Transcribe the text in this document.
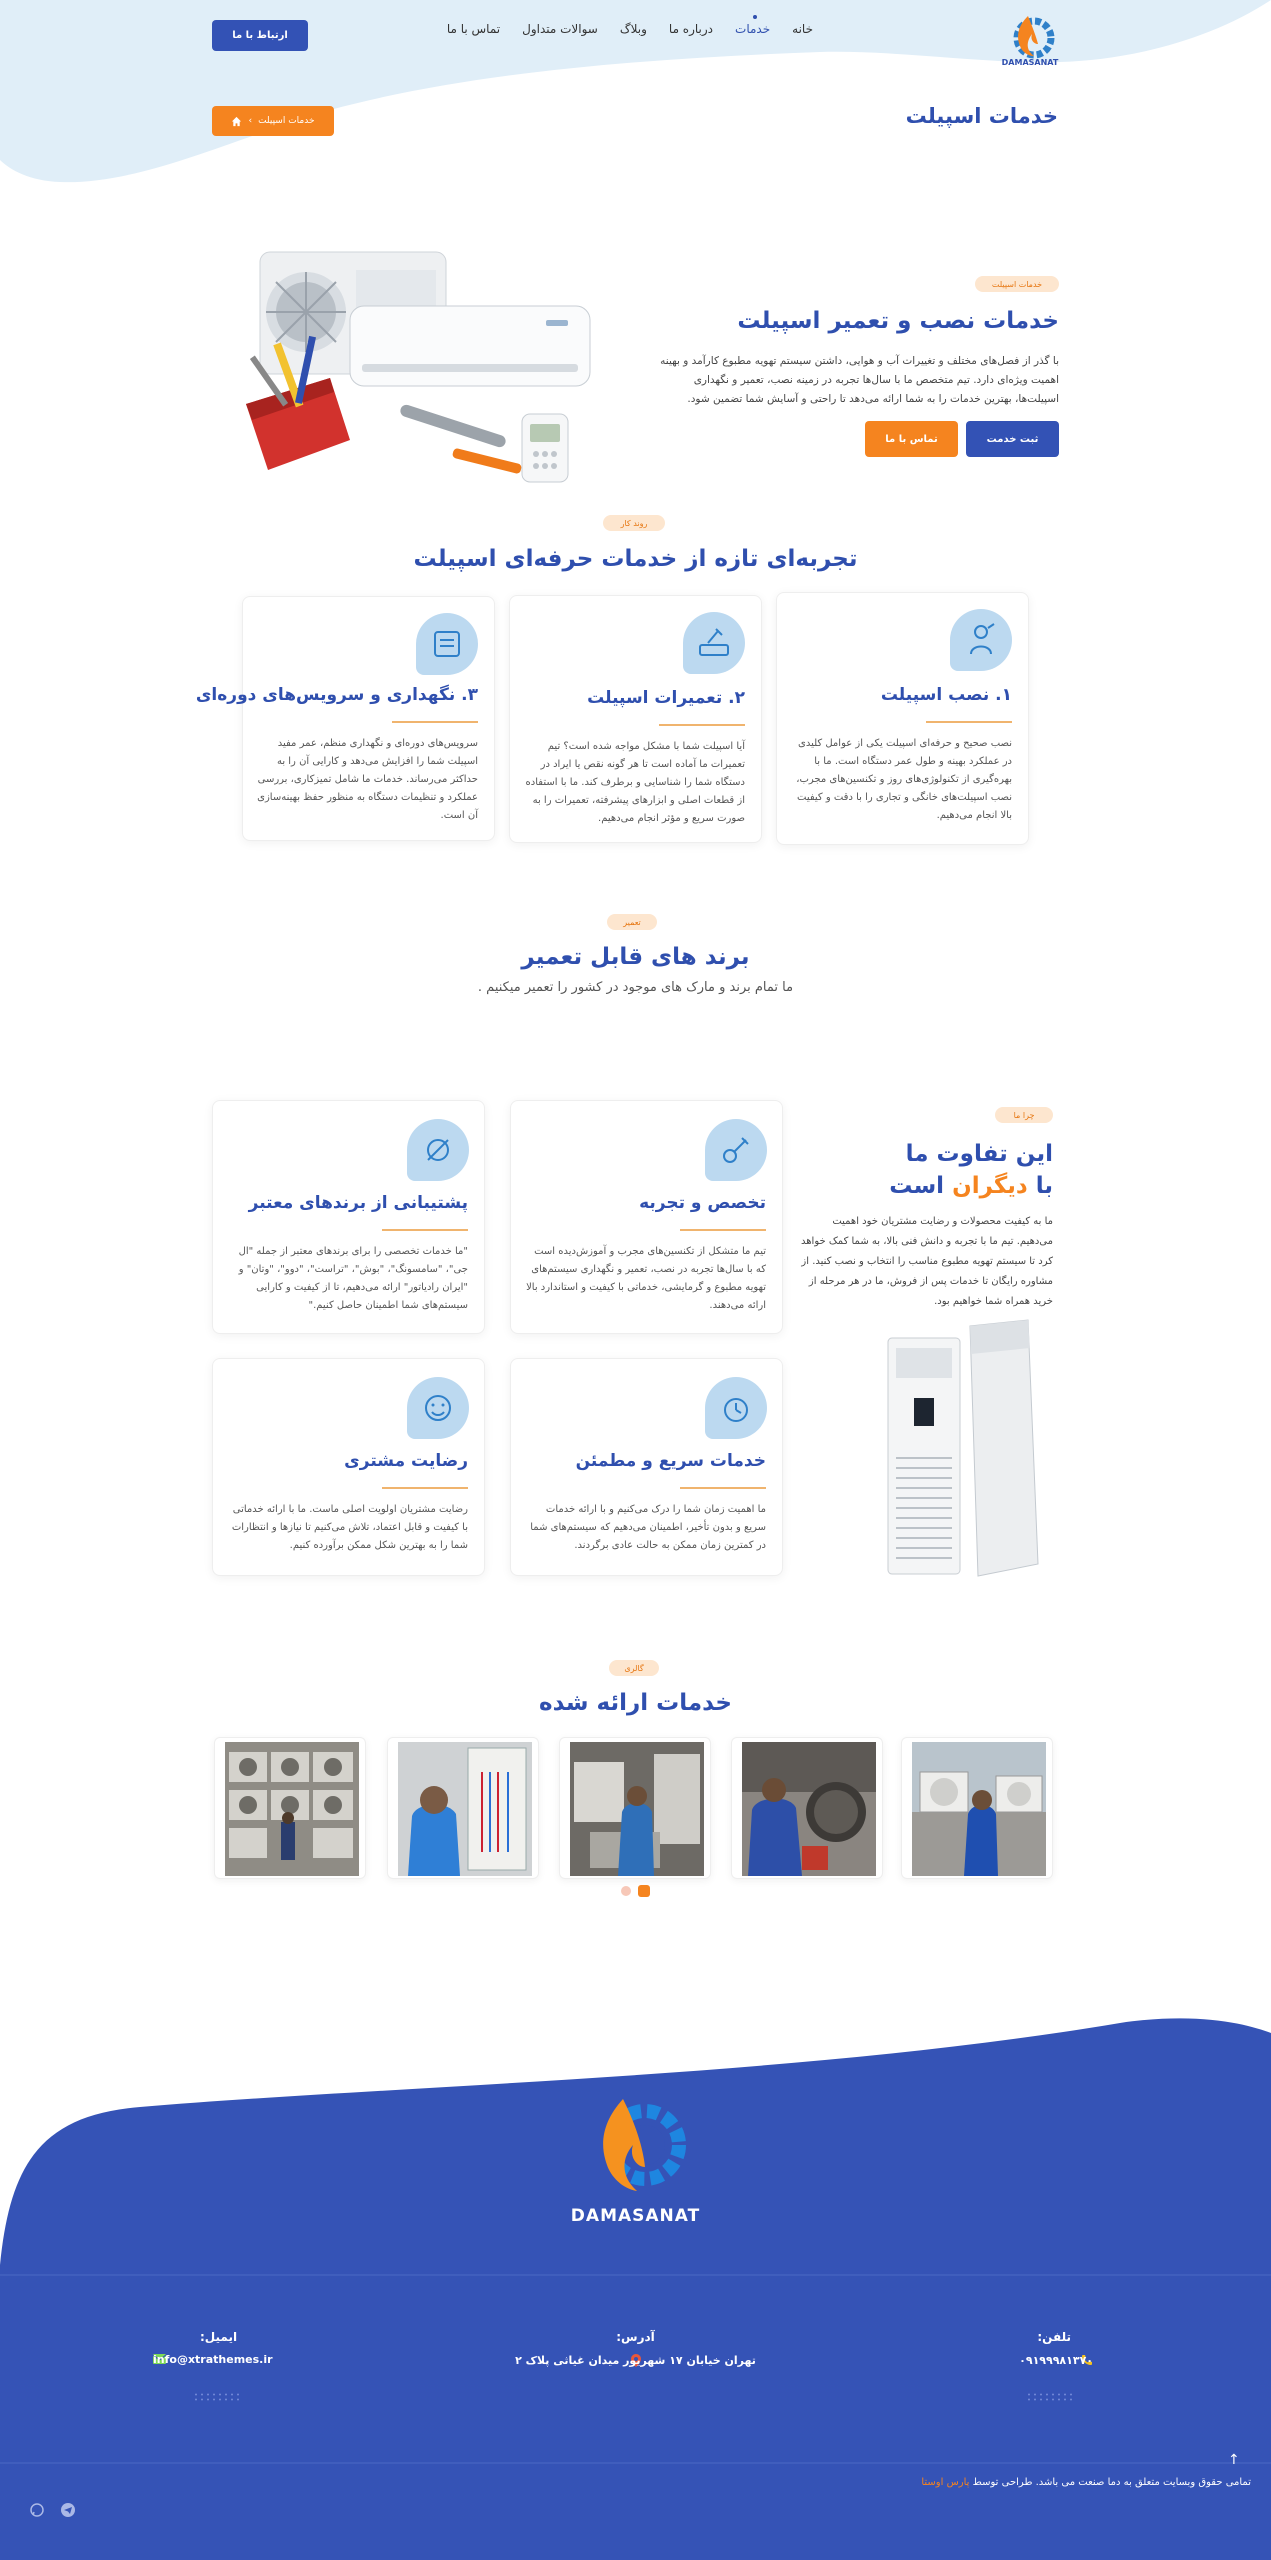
DAMASANAT
خانه
خدمات
درباره ما
وبلاگ
سوالات متداول
تماس با ما
ارتباط با ما
خدمات اسپیلت
خدمات اسپیلت
›
خدمات اسپیلت
خدمات نصب و تعمیر اسپیلت
با گذر از فصل‌های مختلف و تغییرات آب و هوایی، داشتن سیستم تهویه مطبوع کارآمد و بهینه اهمیت ویژه‌ای دارد. تیم متخصص ما با سال‌ها تجربه در زمینه نصب، تعمیر و نگهداری اسپیلت‌ها، بهترین خدمات را به شما ارائه می‌دهد تا راحتی و آسایش شما تضمین شود.
ثبت خدمت
تماس با ما
روند کار
تجربه‌ای تازه از خدمات حرفه‌ای اسپیلت
۱. نصب اسپیلت
نصب صحیح و حرفه‌ای اسپیلت یکی از عوامل کلیدی در عملکرد بهینه و طول عمر دستگاه است. ما با بهره‌گیری از تکنولوژی‌های روز و تکنسین‌های مجرب، نصب اسپیلت‌های خانگی و تجاری را با دقت و کیفیت بالا انجام می‌دهیم.
۲. تعمیرات اسپیلت
آیا اسپیلت شما با مشکل مواجه شده است؟ تیم تعمیرات ما آماده است تا هر گونه نقص یا ایراد در دستگاه شما را شناسایی و برطرف کند. ما با استفاده از قطعات اصلی و ابزارهای پیشرفته، تعمیرات را به صورت سریع و مؤثر انجام می‌دهیم.
۳. نگهداری و سرویس‌های دوره‌ای
سرویس‌های دوره‌ای و نگهداری منظم، عمر مفید اسپیلت شما را افزایش می‌دهد و کارایی آن را به حداکثر می‌رساند. خدمات ما شامل تمیزکاری، بررسی عملکرد و تنظیمات دستگاه به منظور حفظ بهینه‌سازی آن است.
تعمیر
برند های قابل تعمیر
ما تمام برند و مارک های موجود در کشور را تعمیر میکنیم .
چرا ما
این تفاوت ما
با دیگران است
ما به کیفیت محصولات و رضایت مشتریان خود اهمیت می‌دهیم. تیم ما با تجربه و دانش فنی بالا، به شما کمک خواهد کرد تا سیستم تهویه مطبوع مناسب را انتخاب و نصب کنید. از مشاوره رایگان تا خدمات پس از فروش، ما در هر مرحله از خرید همراه شما خواهیم بود.
تخصص و تجربه
تیم ما متشکل از تکنسین‌های مجرب و آموزش‌دیده است که با سال‌ها تجربه در نصب، تعمیر و نگهداری سیستم‌های تهویه مطبوع و گرمایشی، خدماتی با کیفیت و استاندارد بالا ارائه می‌دهند.
پشتیبانی از برندهای معتبر
"ما خدمات تخصصی را برای برندهای معتبر از جمله "ال جی"، "سامسونگ"، "بوش"، "تراست"، "دوو"، "وتان" و "ایران رادیاتور" ارائه می‌دهیم، تا از کیفیت و کارایی سیستم‌های شما اطمینان حاصل کنیم."
خدمات سریع و مطمئن
ما اهمیت زمان شما را درک می‌کنیم و با ارائه خدمات سریع و بدون تأخیر، اطمینان می‌دهیم که سیستم‌های شما در کمترین زمان ممکن به حالت عادی برگردند.
رضایت مشتری
رضایت مشتریان اولویت اصلی ماست. ما با ارائه خدماتی با کیفیت و قابل اعتماد، تلاش می‌کنیم تا نیازها و انتظارات شما را به بهترین شکل ممکن برآورده کنیم.
گالری
خدمات ارائه شده
DAMASANAT
تلفن:
۰۹۱۹۹۹۸۱۳۷۰
آدرس:
تهران خیابان ۱۷ شهریور میدان غیاثی پلاک ۲
ایمیل:
info@xtrathemes.ir
تمامی حقوق وبسایت متعلق به دما صنعت می باشد. طراحی توسط پارس اوستا
↑
